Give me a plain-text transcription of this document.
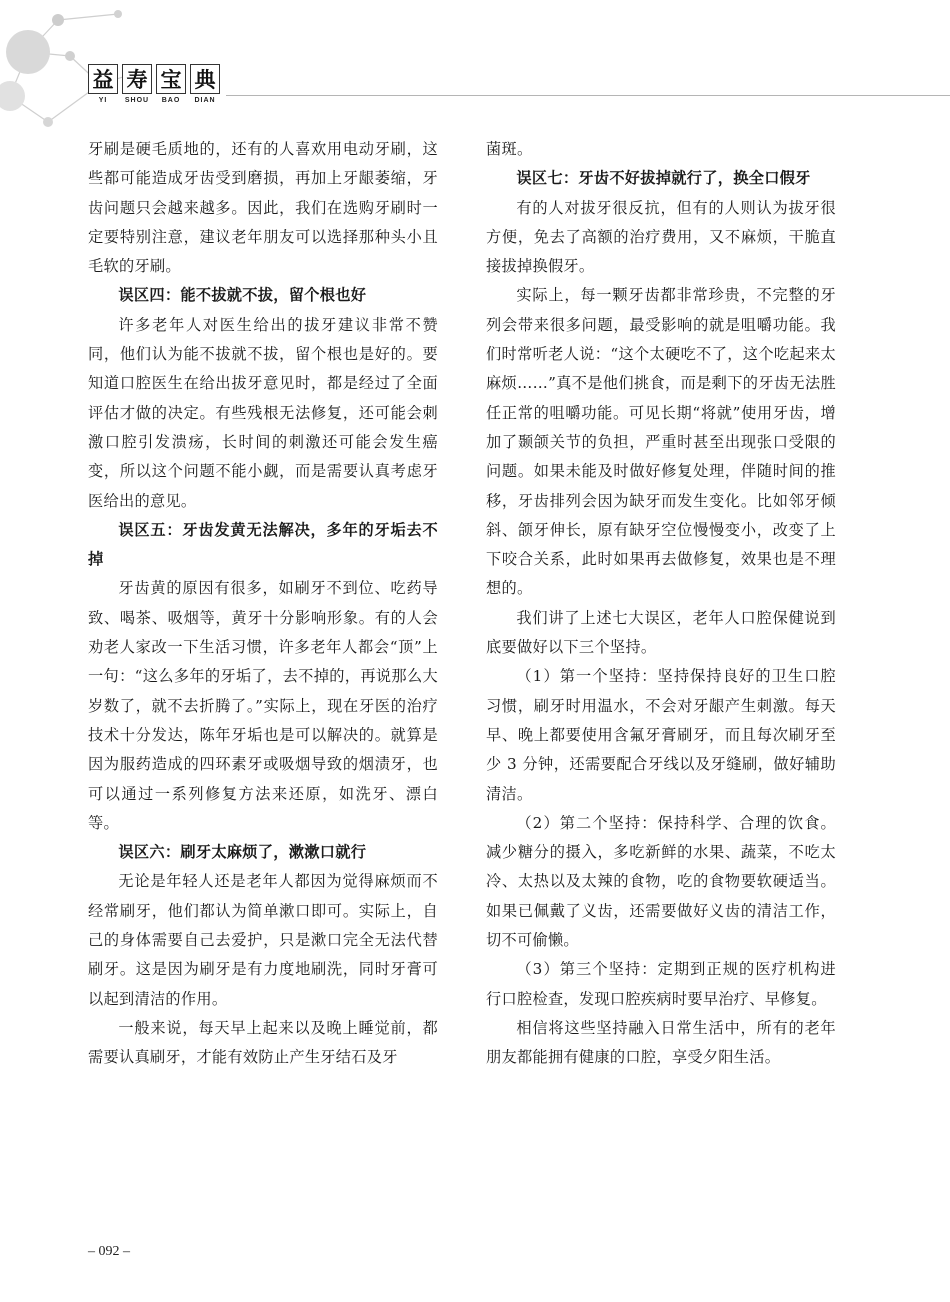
益 寿 宝 典
YI	SHOU	BAO	DIAN

牙刷是硬毛质地的，还有的人喜欢用电动牙刷，这些都可能造成牙齿受到磨损，再加上牙龈萎缩，牙齿问题只会越来越多。因此，我们在选购牙刷时一定要特别注意，建议老年朋友可以选择那种头小且毛软的牙刷。

误区四：能不拔就不拔，留个根也好

许多老年人对医生给出的拔牙建议非常不赞同，他们认为能不拔就不拔，留个根也是好的。要知道口腔医生在给出拔牙意见时，都是经过了全面评估才做的决定。有些残根无法修复，还可能会刺激口腔引发溃疡，长时间的刺激还可能会发生癌变，所以这个问题不能小觑，而是需要认真考虑牙医给出的意见。

误区五：牙齿发黄无法解决，多年的牙垢去不掉

牙齿黄的原因有很多，如刷牙不到位、吃药导致、喝茶、吸烟等，黄牙十分影响形象。有的人会劝老人家改一下生活习惯，许多老年人都会“顶”上一句：“这么多年的牙垢了，去不掉的，再说那么大岁数了，就不去折腾了。”实际上，现在牙医的治疗技术十分发达，陈年牙垢也是可以解决的。就算是因为服药造成的四环素牙或吸烟导致的烟渍牙，也可以通过一系列修复方法来还原，如洗牙、漂白等。

误区六：刷牙太麻烦了，漱漱口就行

无论是年轻人还是老年人都因为觉得麻烦而不经常刷牙，他们都认为简单漱口即可。实际上，自己的身体需要自己去爱护，只是漱口完全无法代替刷牙。这是因为刷牙是有力度地刷洗，同时牙膏可以起到清洁的作用。

一般来说，每天早上起来以及晚上睡觉前，都需要认真刷牙，才能有效防止产生牙结石及牙

菌斑。

误区七：牙齿不好拔掉就行了，换全口假牙

有的人对拔牙很反抗，但有的人则认为拔牙很方便，免去了高额的治疗费用，又不麻烦，干脆直接拔掉换假牙。

实际上，每一颗牙齿都非常珍贵，不完整的牙列会带来很多问题，最受影响的就是咀嚼功能。我们时常听老人说：“这个太硬吃不了，这个吃起来太麻烦……”真不是他们挑食，而是剩下的牙齿无法胜任正常的咀嚼功能。可见长期“将就”使用牙齿，增加了颞颌关节的负担，严重时甚至出现张口受限的问题。如果未能及时做好修复处理，伴随时间的推移，牙齿排列会因为缺牙而发生变化。比如邻牙倾斜、颌牙伸长，原有缺牙空位慢慢变小，改变了上下咬合关系，此时如果再去做修复，效果也是不理想的。

我们讲了上述七大误区，老年人口腔保健说到底要做好以下三个坚持。

（1）第一个坚持：坚持保持良好的卫生口腔习惯，刷牙时用温水，不会对牙龈产生刺激。每天早、晚上都要使用含氟牙膏刷牙，而且每次刷牙至少 3 分钟，还需要配合牙线以及牙缝刷，做好辅助清洁。

（2）第二个坚持：保持科学、合理的饮食。减少糖分的摄入，多吃新鲜的水果、蔬菜，不吃太冷、太热以及太辣的食物，吃的食物要软硬适当。如果已佩戴了义齿，还需要做好义齿的清洁工作，切不可偷懒。

（3）第三个坚持：定期到正规的医疗机构进行口腔检查，发现口腔疾病时要早治疗、早修复。

相信将这些坚持融入日常生活中，所有的老年朋友都能拥有健康的口腔，享受夕阳生活。

– 092 –
